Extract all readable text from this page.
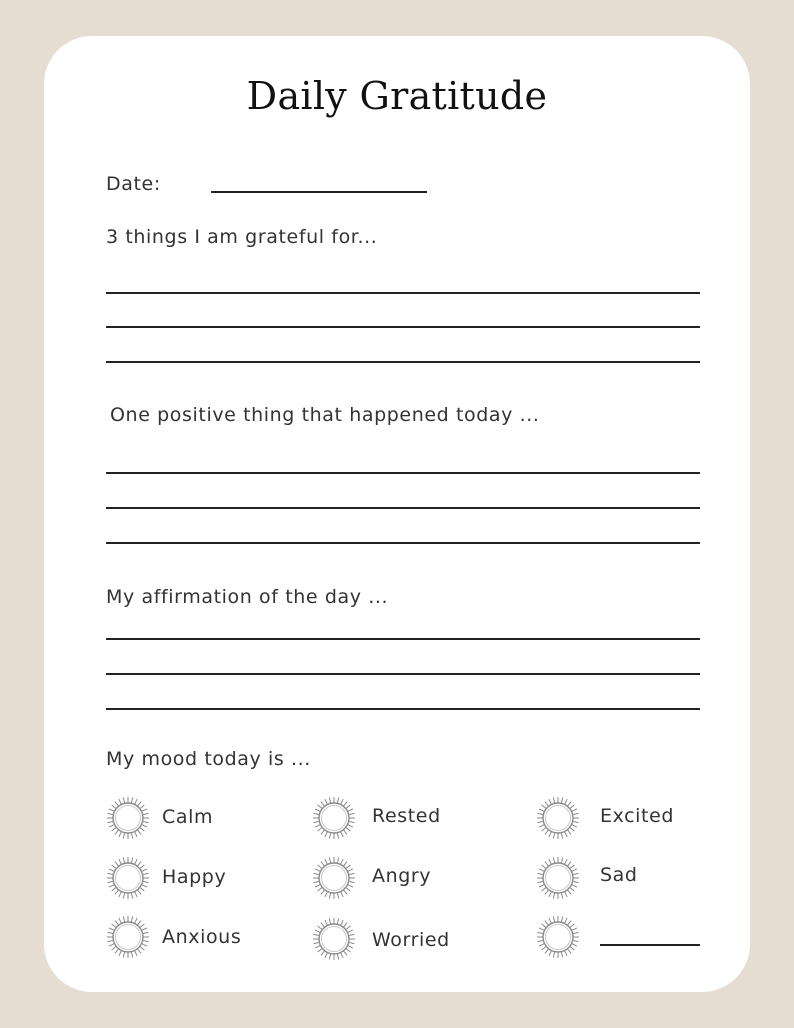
Daily Gratitude
Date:
3 things I am grateful for...
One positive thing that happened today ...
My affirmation of the day ...
My mood today is ...
Calm	Rested	Excited
Happy	Angry	Sad
Anxious	Worried
